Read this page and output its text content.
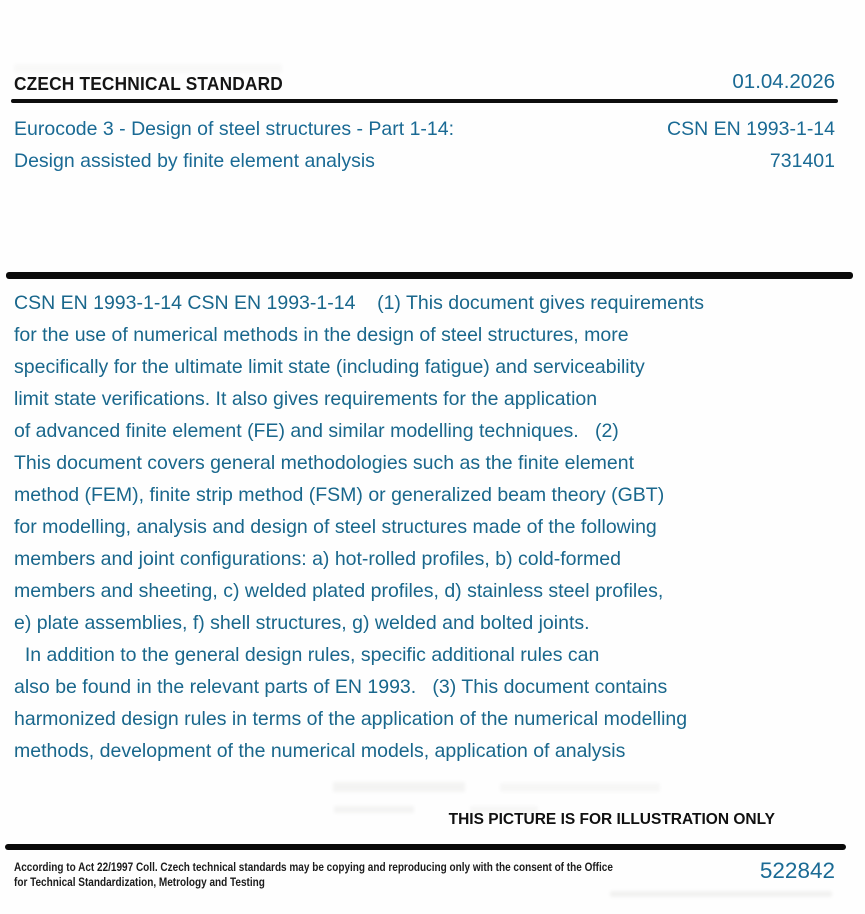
CZECH TECHNICAL STANDARD	01.04.2026
Eurocode 3 - Design of steel structures - Part 1-14:
Design assisted by finite element analysis
CSN EN 1993-1-14
731401
CSN EN 1993-1-14 CSN EN 1993-1-14    (1) This document gives requirements
for the use of numerical methods in the design of steel structures, more
specifically for the ultimate limit state (including fatigue) and serviceability
limit state verifications. It also gives requirements for the application
of advanced finite element (FE) and similar modelling techniques.   (2)
This document covers general methodologies such as the finite element
method (FEM), finite strip method (FSM) or generalized beam theory (GBT)
for modelling, analysis and design of steel structures made of the following
members and joint configurations: a) hot-rolled profiles, b) cold-formed
members and sheeting, c) welded plated profiles, d) stainless steel profiles,
e) plate assemblies, f) shell structures, g) welded and bolted joints.
In addition to the general design rules, specific additional rules can
also be found in the relevant parts of EN 1993.   (3) This document contains
harmonized design rules in terms of the application of the numerical modelling
methods, development of the numerical models, application of analysis
THIS PICTURE IS FOR ILLUSTRATION ONLY
According to Act 22/1997 Coll. Czech technical standards may be copying and reproducing only with the consent of the Office
for Technical Standardization, Metrology and Testing	522842
